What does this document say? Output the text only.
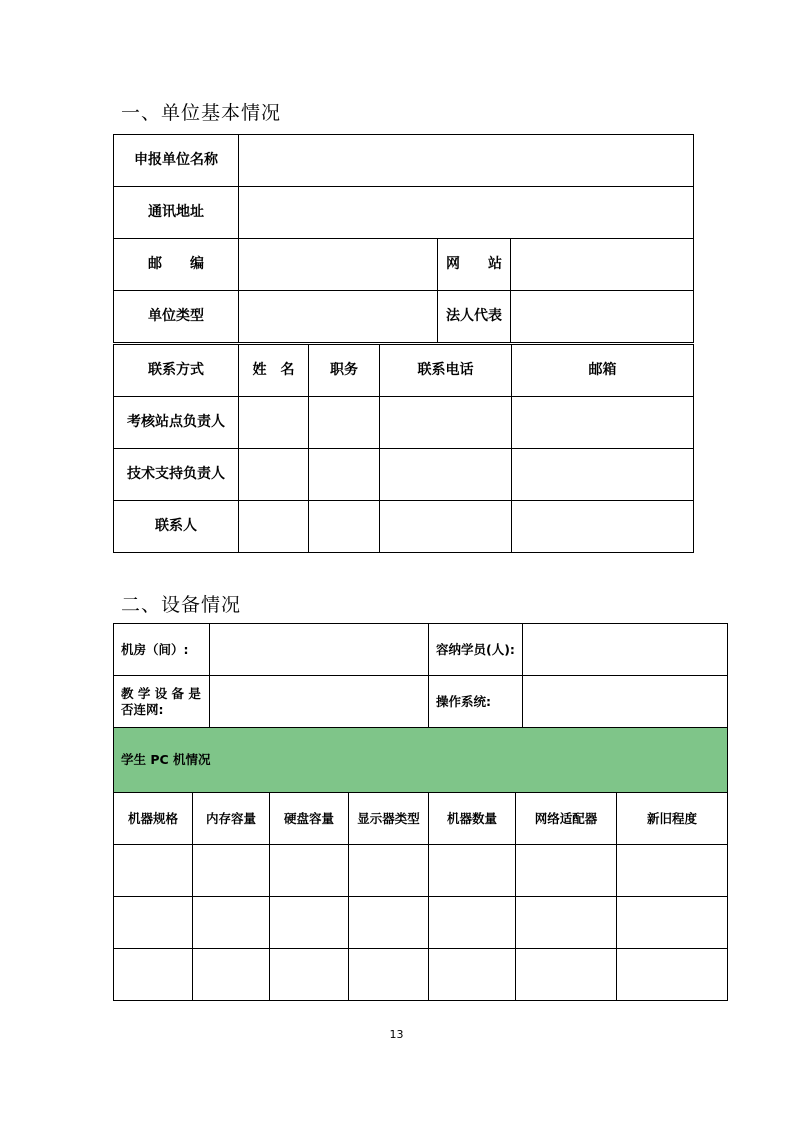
一、单位基本情况
申报单位名称			
通讯地址			
邮　　编		网　　站	
单位类型		法人代表	
联系方式	姓　名	职务	联系电话	邮箱
考核站点负责人				
技术支持负责人				
联系人				
二、设备情况
机房（间）:					容纳学员(人):			
教 学 设 备 是 否连网:					操作系统:			
学生 PC 机情况								
机器规格	内存容量		硬盘容量	显示器类型	机器数量	网络适配器		新旧程度

13
